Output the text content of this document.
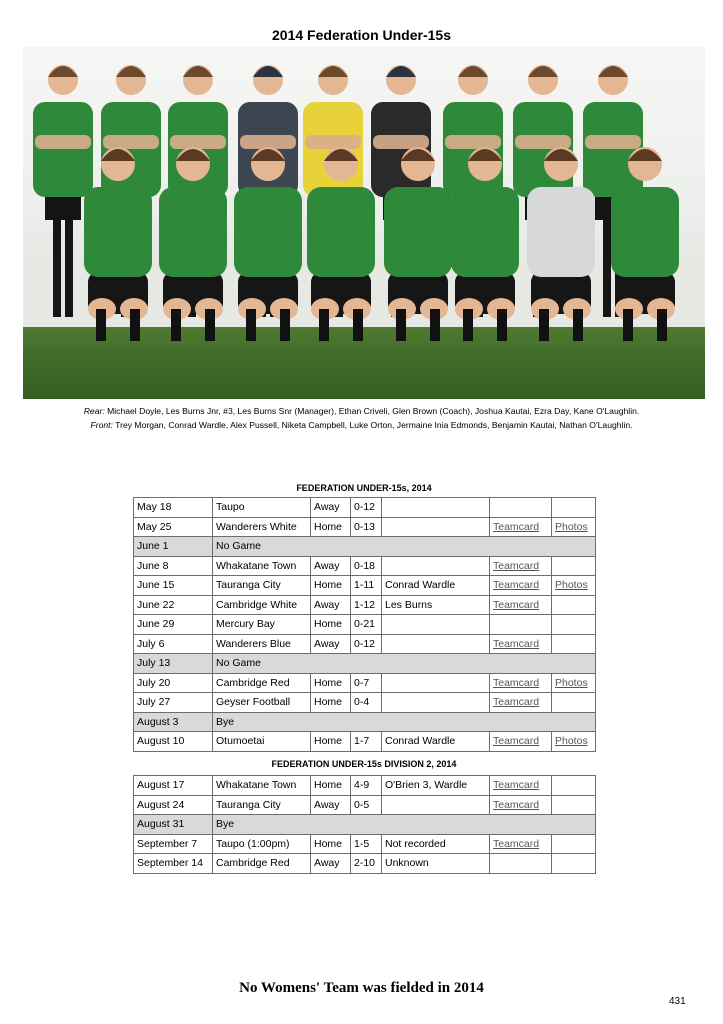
2014 Federation Under-15s
Rear: Michael Doyle, Les Burns Jnr, #3, Les Burns Snr (Manager), Ethan Criveli, Glen Brown (Coach), Joshua Kautai, Ezra Day, Kane O'Laughlin.
Front: Trey Morgan, Conrad Wardle, Alex Pussell, Niketa Campbell, Luke Orton, Jermaine Inia Edmonds, Benjamin Kautai, Nathan O'Laughlin.
FEDERATION UNDER-15s, 2014
May 18	Taupo	Away	0-12			
May 25	Wanderers White	Home	0-13		Teamcard	Photos
June 1	No Game					
June 8	Whakatane Town	Away	0-18		Teamcard	
June 15	Tauranga City	Home	1-11	Conrad Wardle	Teamcard	Photos
June 22	Cambridge White	Away	1-12	Les Burns	Teamcard	
June 29	Mercury Bay	Home	0-21			
July 6	Wanderers Blue	Away	0-12		Teamcard	
July 13	No Game					
July 20	Cambridge Red	Home	0-7		Teamcard	Photos
July 27	Geyser Football	Home	0-4		Teamcard	
August 3	Bye					
August 10	Otumoetai	Home	1-7	Conrad Wardle	Teamcard	Photos
FEDERATION UNDER-15s DIVISION 2, 2014
August 17	Whakatane Town	Home	4-9	O'Brien 3, Wardle	Teamcard	
August 24	Tauranga City	Away	0-5		Teamcard	
August 31	Bye					
September 7	Taupo (1:00pm)	Home	1-5	Not recorded	Teamcard	
September 14	Cambridge Red	Away	2-10	Unknown		
No Womens' Team was fielded in 2014
431
